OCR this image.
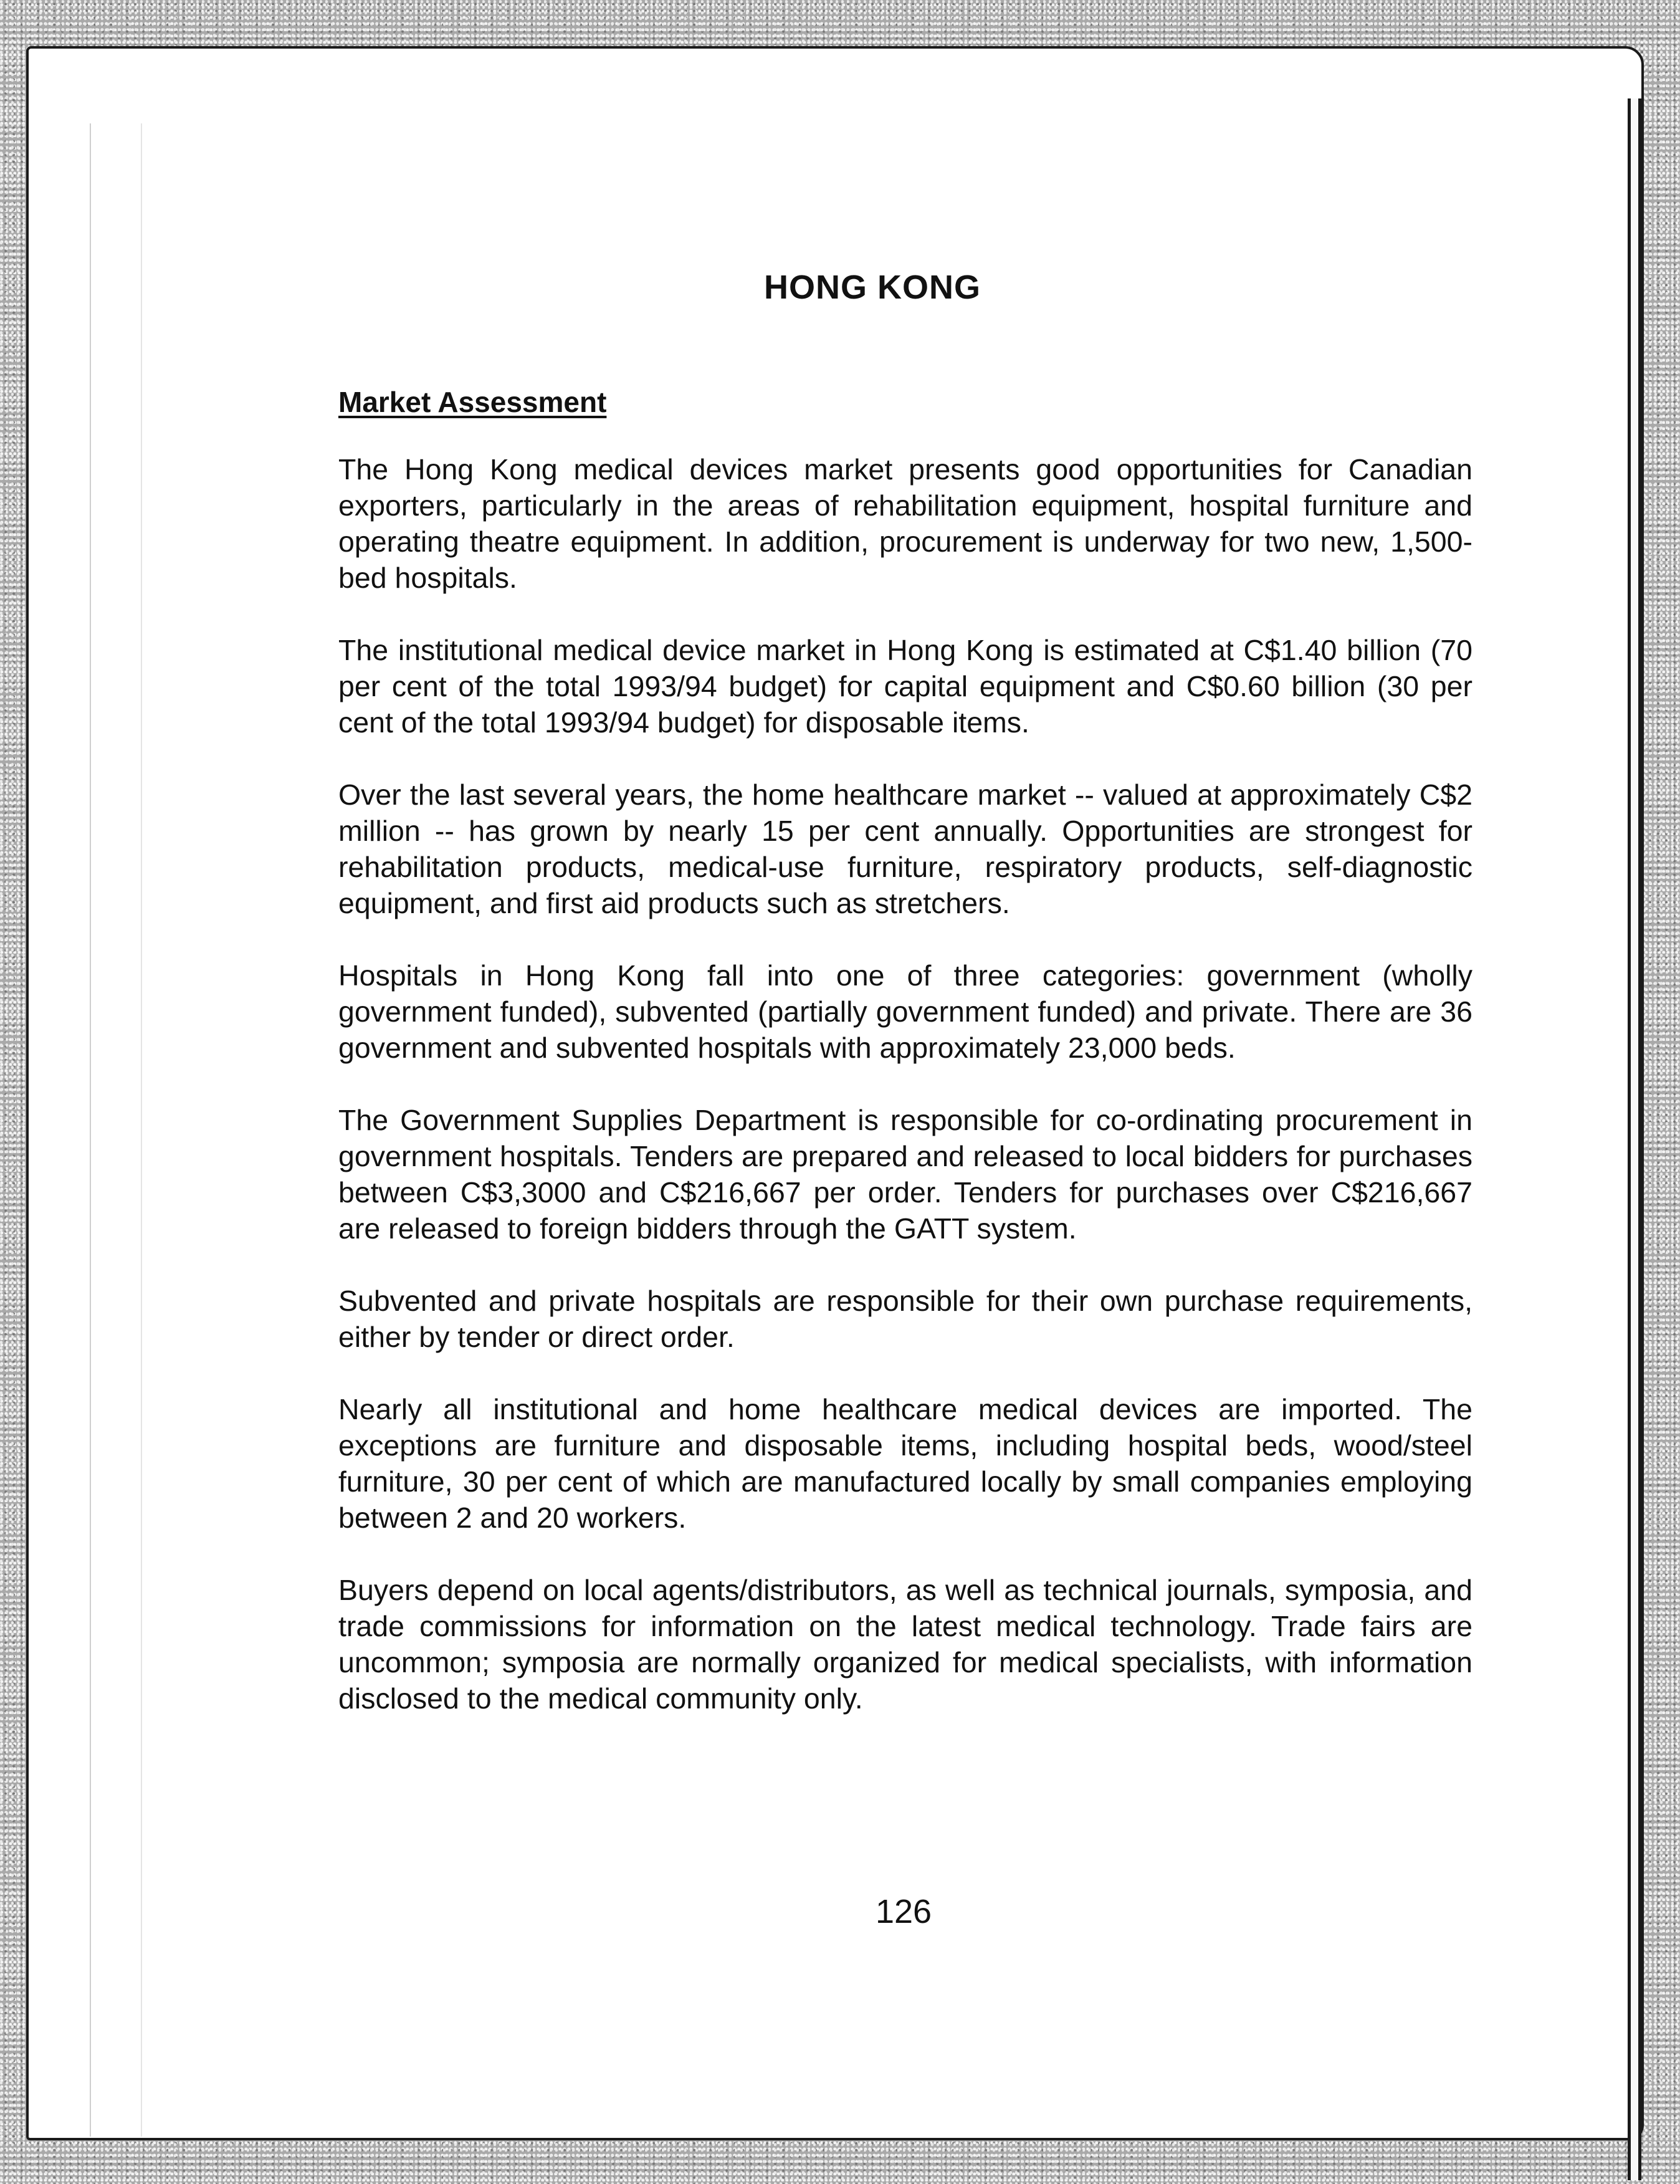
HONG KONG
Market Assessment

The Hong Kong medical devices market presents good opportunities for Canadian exporters, particularly in the areas of rehabilitation equipment, hospital furniture and operating theatre equipment. In addition, procurement is underway for two new, 1,500-bed hospitals.

The institutional medical device market in Hong Kong is estimated at C$1.40 billion (70 per cent of the total 1993/94 budget) for capital equipment and C$0.60 billion (30 per cent of the total 1993/94 budget) for disposable items.

Over the last several years, the home healthcare market -- valued at approximately C$2 million -- has grown by nearly 15 per cent annually. Opportunities are strongest for rehabilitation products, medical-use furniture, respiratory products, self-diagnostic equipment, and first aid products such as stretchers.

Hospitals in Hong Kong fall into one of three categories: government (wholly government funded), subvented (partially government funded) and private. There are 36 government and subvented hospitals with approximately 23,000 beds.

The Government Supplies Department is responsible for co-ordinating procurement in government hospitals. Tenders are prepared and released to local bidders for purchases between C$3,3000 and C$216,667 per order. Tenders for purchases over C$216,667 are released to foreign bidders through the GATT system.

Subvented and private hospitals are responsible for their own purchase requirements, either by tender or direct order.

Nearly all institutional and home healthcare medical devices are imported. The exceptions are furniture and disposable items, including hospital beds, wood/steel furniture, 30 per cent of which are manufactured locally by small companies employing between 2 and 20 workers.

Buyers depend on local agents/distributors, as well as technical journals, symposia, and trade commissions for information on the latest medical technology. Trade fairs are uncommon; symposia are normally organized for medical specialists, with information disclosed to the medical community only.

126
